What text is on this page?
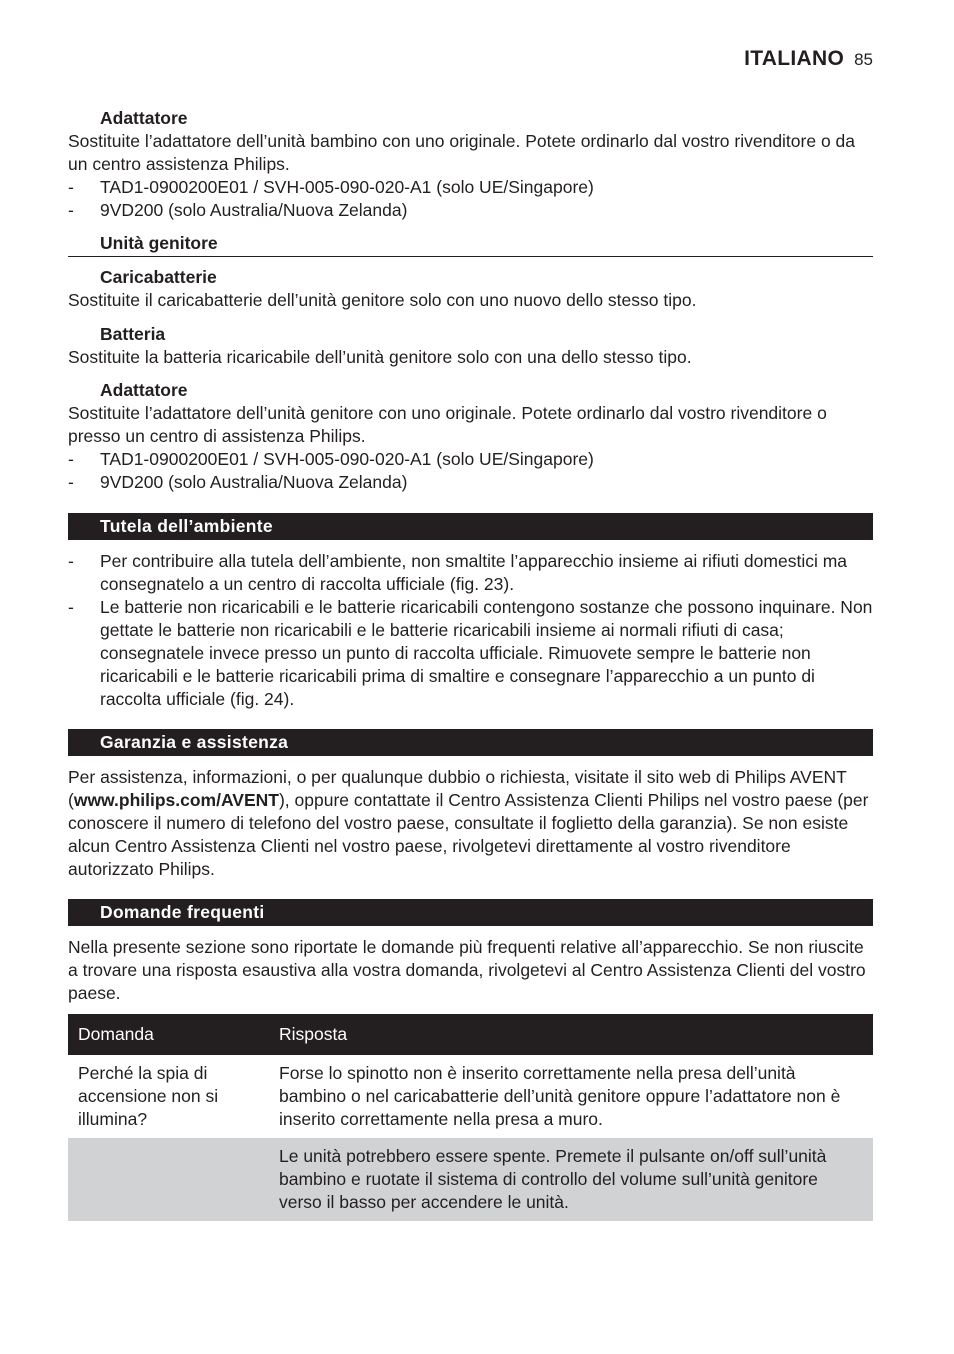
ITALIANO 85
Adattatore

Sostituite l’adattatore dell’unità bambino con uno originale. Potete ordinarlo dal vostro rivenditore o da un centro assistenza Philips.

- TAD1-0900200E01 / SVH-005-090-020-A1 (solo UE/Singapore)
- 9VD200 (solo Australia/Nuova Zelanda)
Unità genitore
Caricabatterie

Sostituite il caricabatterie dell’unità genitore solo con uno nuovo dello stesso tipo.

Batteria

Sostituite la batteria ricaricabile dell’unità genitore solo con una dello stesso tipo.

Adattatore

Sostituite l’adattatore dell’unità genitore con uno originale. Potete ordinarlo dal vostro rivenditore o presso un centro di assistenza Philips.

- TAD1-0900200E01 / SVH-005-090-020-A1 (solo UE/Singapore)
- 9VD200 (solo Australia/Nuova Zelanda)
Tutela dell’ambiente
- Per contribuire alla tutela dell’ambiente, non smaltite l’apparecchio insieme ai rifiuti domestici ma consegnatelo a un centro di raccolta ufficiale (fig. 23).
- Le batterie non ricaricabili e le batterie ricaricabili contengono sostanze che possono inquinare. Non gettate le batterie non ricaricabili e le batterie ricaricabili insieme ai normali rifiuti di casa; consegnatele invece presso un punto di raccolta ufficiale. Rimuovete sempre le batterie non ricaricabili e le batterie ricaricabili prima di smaltire e consegnare l’apparecchio a un punto di raccolta ufficiale (fig. 24).
Garanzia e assistenza

Per assistenza, informazioni, o per qualunque dubbio o richiesta, visitate il sito web di Philips AVENT (www.philips.com/AVENT), oppure contattate il Centro Assistenza Clienti Philips nel vostro paese (per conoscere il numero di telefono del vostro paese, consultate il foglietto della garanzia). Se non esiste alcun Centro Assistenza Clienti nel vostro paese, rivolgetevi direttamente al vostro rivenditore autorizzato Philips.

Domande frequenti

Nella presente sezione sono riportate le domande più frequenti relative all’apparecchio. Se non riuscite a trovare una risposta esaustiva alla vostra domanda, rivolgetevi al Centro Assistenza Clienti del vostro paese.

Domanda	Risposta
Perché la spia di accensione non si illumina?	Forse lo spinotto non è inserito correttamente nella presa dell’unità bambino o nel caricabatterie dell’unità genitore oppure l’adattatore non è inserito correttamente nella presa a muro.
	Le unità potrebbero essere spente. Premete il pulsante on/off sull’unità bambino e ruotate il sistema di controllo del volume sull’unità genitore verso il basso per accendere le unità.
